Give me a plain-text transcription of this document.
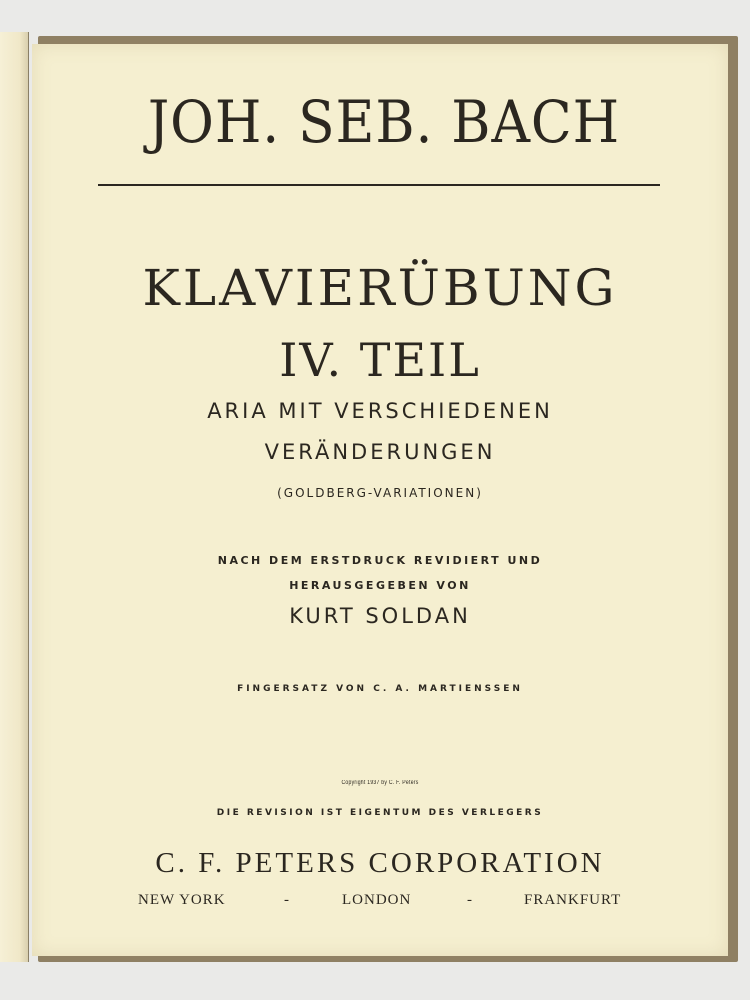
JOH. SEB. BACH
KLAVIERÜBUNG
IV. TEIL
ARIA MIT VERSCHIEDENEN
VERÄNDERUNGEN
(GOLDBERG-VARIATIONEN)
NACH DEM ERSTDRUCK REVIDIERT UND
HERAUSGEGEBEN VON
KURT SOLDAN
FINGERSATZ VON C. A. MARTIENSSEN
Copyright 1937 by C. F. Peters
DIE REVISION IST EIGENTUM DES VERLEGERS
C. F. PETERS CORPORATION
NEW YORK	-	LONDON	-	FRANKFURT
